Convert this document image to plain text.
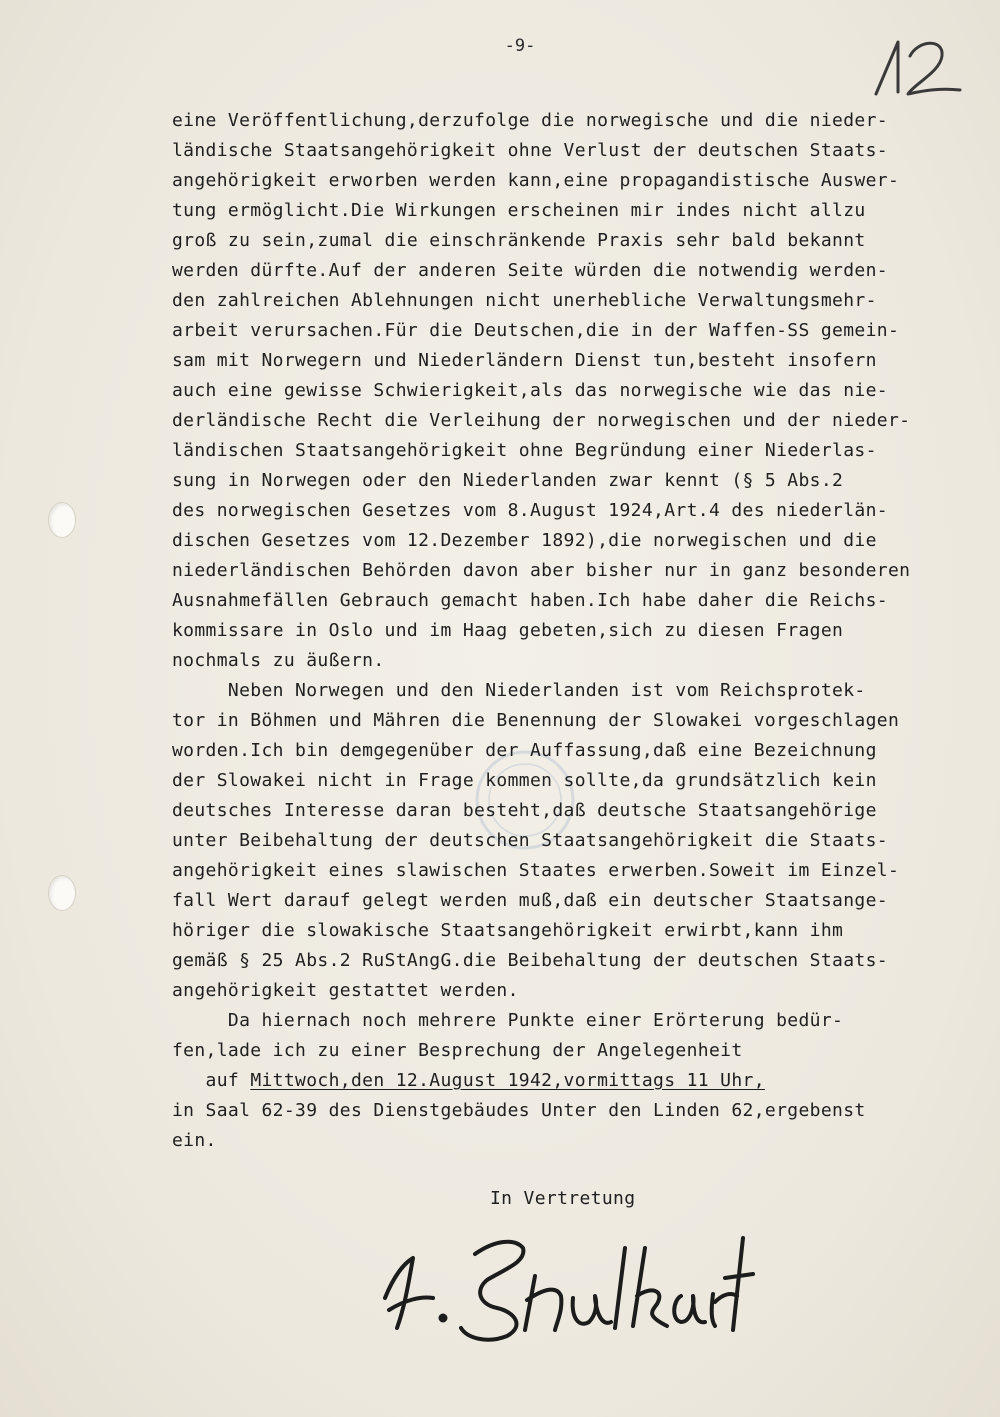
-9-
eine Veröffentlichung,derzufolge die norwegische und die nieder-
ländische Staatsangehörigkeit ohne Verlust der deutschen Staats-
angehörigkeit erworben werden kann,eine propagandistische Auswer-
tung ermöglicht.Die Wirkungen erscheinen mir indes nicht allzu
groß zu sein,zumal die einschränkende Praxis sehr bald bekannt
werden dürfte.Auf der anderen Seite würden die notwendig werden-
den zahlreichen Ablehnungen nicht unerhebliche Verwaltungsmehr-
arbeit verursachen.Für die Deutschen,die in der Waffen-SS gemein-
sam mit Norwegern und Niederländern Dienst tun,besteht insofern
auch eine gewisse Schwierigkeit,als das norwegische wie das nie-
derländische Recht die Verleihung der norwegischen und der nieder-
ländischen Staatsangehörigkeit ohne Begründung einer Niederlas-
sung in Norwegen oder den Niederlanden zwar kennt (§ 5 Abs.2
des norwegischen Gesetzes vom 8.August 1924,Art.4 des niederlän-
dischen Gesetzes vom 12.Dezember 1892),die norwegischen und die
niederländischen Behörden davon aber bisher nur in ganz besonderen
Ausnahmefällen Gebrauch gemacht haben.Ich habe daher die Reichs-
kommissare in Oslo und im Haag gebeten,sich zu diesen Fragen
nochmals zu äußern.
Neben Norwegen und den Niederlanden ist vom Reichsprotek-
tor in Böhmen und Mähren die Benennung der Slowakei vorgeschlagen
worden.Ich bin demgegenüber der Auffassung,daß eine Bezeichnung
der Slowakei nicht in Frage kommen sollte,da grundsätzlich kein
deutsches Interesse daran besteht,daß deutsche Staatsangehörige
unter Beibehaltung der deutschen Staatsangehörigkeit die Staats-
angehörigkeit eines slawischen Staates erwerben.Soweit im Einzel-
fall Wert darauf gelegt werden muß,daß ein deutscher Staatsange-
höriger die slowakische Staatsangehörigkeit erwirbt,kann ihm
gemäß § 25 Abs.2 RuStAngG.die Beibehaltung der deutschen Staats-
angehörigkeit gestattet werden.
Da hiernach noch mehrere Punkte einer Erörterung bedür-
fen,lade ich zu einer Besprechung der Angelegenheit
auf Mittwoch,den 12.August 1942,vormittags 11 Uhr,
in Saal 62-39 des Dienstgebäudes Unter den Linden 62,ergebenst
ein.
In Vertretung
